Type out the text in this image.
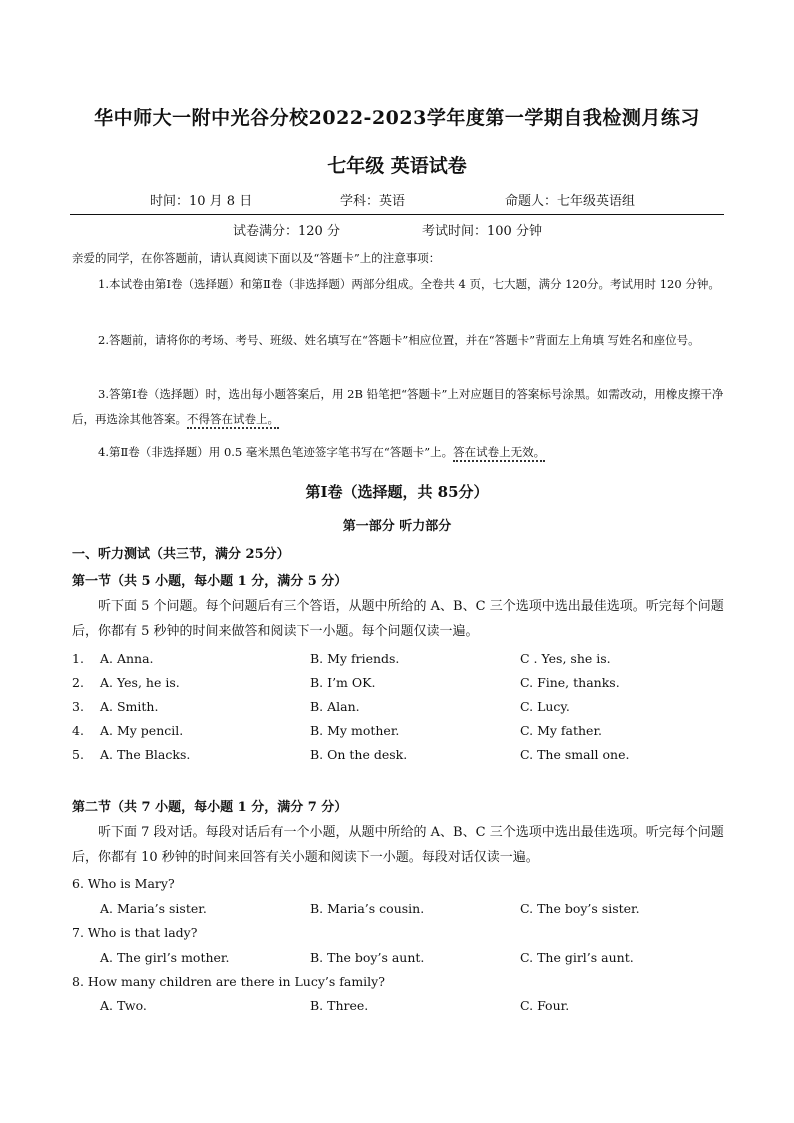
华中师大一附中光谷分校2022-2023学年度第一学期自我检测月练习
七年级 英语试卷
时间：10 月 8 日	学科：英语	命题人：七年级英语组
试卷满分：120 分	考试时间：100 分钟
亲爱的同学，在你答题前，请认真阅读下面以及“答题卡”上的注意事项：
1.本试卷由第Ⅰ卷（选择题）和第Ⅱ卷（非选择题）两部分组成。全卷共 4 页，七大题，满分 120分。考试用时 120 分钟。
2.答题前，请将你的考场、考号、班级、姓名填写在“答题卡”相应位置，并在“答题卡”背面左上角填 写姓名和座位号。
3.答第Ⅰ卷（选择题）时，选出每小题答案后，用 2B 铅笔把“答题卡”上对应题目的答案标号涂黑。如需改动，用橡皮擦干净后，再选涂其他答案。不得答在试卷上。
4.第Ⅱ卷（非选择题）用 0.5 毫米黑色笔迹签字笔书写在“答题卡”上。答在试卷上无效。
第Ⅰ卷（选择题，共 85分）
第一部分 听力部分
一、听力测试（共三节，满分 25分）
第一节（共 5 小题，每小题 1 分，满分 5 分）
听下面 5 个问题。每个问题后有三个答语，从题中所给的 A、B、C 三个选项中选出最佳选项。听完每个问题后，你都有 5 秒钟的时间来做答和阅读下一小题。每个问题仅读一遍。
1. A. Anna.	B. My friends.	C . Yes, she is.
2. A. Yes, he is.	B. I’m OK.	C. Fine, thanks.
3. A. Smith.	B. Alan.	C. Lucy.
4. A. My pencil.	B. My mother.	C. My father.
5. A. The Blacks.	B. On the desk.	C. The small one.
第二节（共 7 小题，每小题 1 分，满分 7 分）
听下面 7 段对话。每段对话后有一个小题，从题中所给的 A、B、C 三个选项中选出最佳选项。听完每个问题后，你都有 10 秒钟的时间来回答有关小题和阅读下一小题。每段对话仅读一遍。
6. Who is Mary?
A. Maria’s sister.	B. Maria’s cousin.	C. The boy’s sister.
7. Who is that lady?
A. The girl’s mother.	B. The boy’s aunt.	C. The girl’s aunt.
8. How many children are there in Lucy’s family?
A. Two.	B. Three.	C. Four.
